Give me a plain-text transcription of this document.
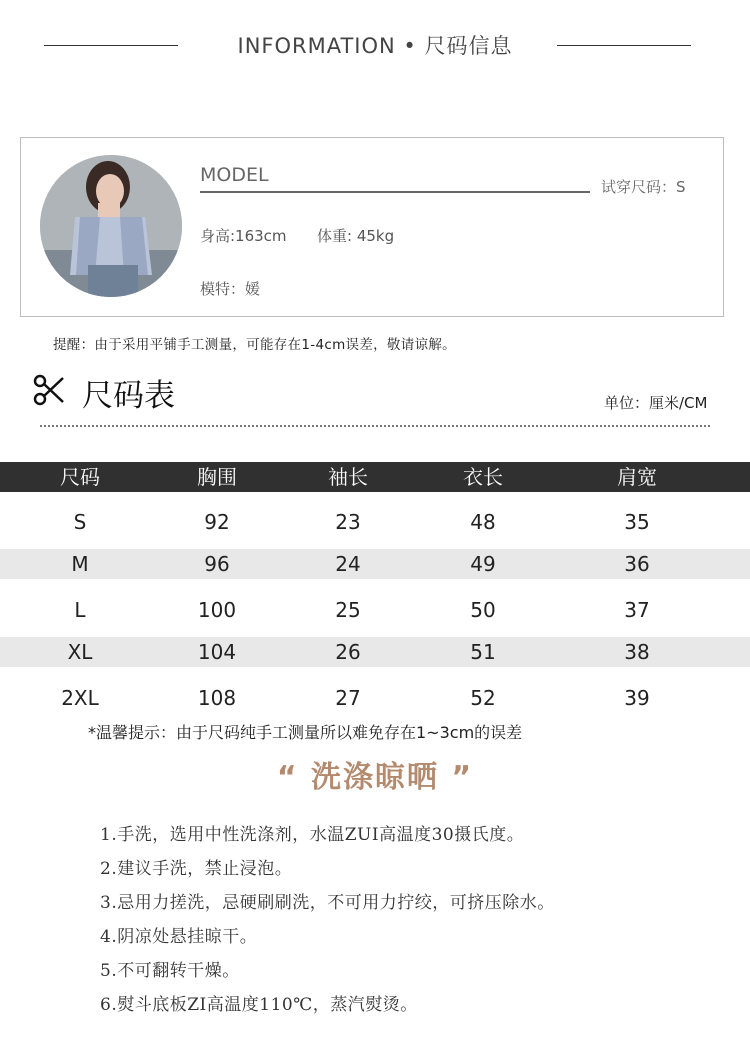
INFORMATION • 尺码信息
MODEL
试穿尺码：S
身高:163cm 体重: 45kg
模特：媛
提醒：由于采用平铺手工测量，可能存在1-4cm误差，敬请谅解。
尺码表	单位：厘米/CM
尺码	胸围	袖长	衣长	肩宽
S	92	23	48	35
M	96	24	49	36
L	100	25	50	37
XL	104	26	51	38
2XL	108	27	52	39
*温馨提示：由于尺码纯手工测量所以难免存在1~3cm的误差
“ 洗涤晾晒 ”
1.手洗，选用中性洗涤剂，水温ZUI高温度30摄氏度。
2.建议手洗，禁止浸泡。
3.忌用力搓洗，忌硬刷刷洗，不可用力拧绞，可挤压除水。
4.阴凉处悬挂晾干。
5.不可翻转干燥。
6.熨斗底板ZI高温度110℃，蒸汽熨烫。
